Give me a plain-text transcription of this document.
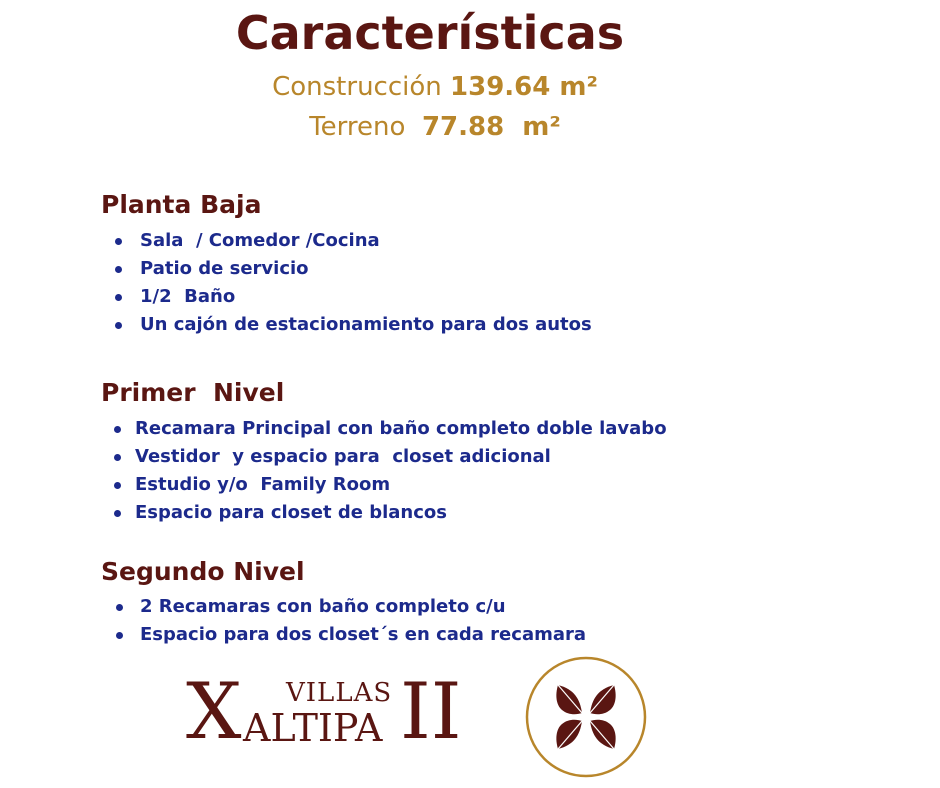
Características
Construcción 139.64 m²
Terreno 77.88  m²
Planta Baja
Sala  / Comedor /Cocina
Patio de servicio
1/2  Baño
Un cajón de estacionamiento para dos autos
Primer  Nivel
Recamara Principal con baño completo doble lavabo
Vestidor  y espacio para  closet adicional
Estudio y/o  Family Room
Espacio para closet de blancos
Segundo Nivel
2 Recamaras con baño completo c/u
Espacio para dos closet´s en cada recamara
X VILLAS
ALTIPA II
